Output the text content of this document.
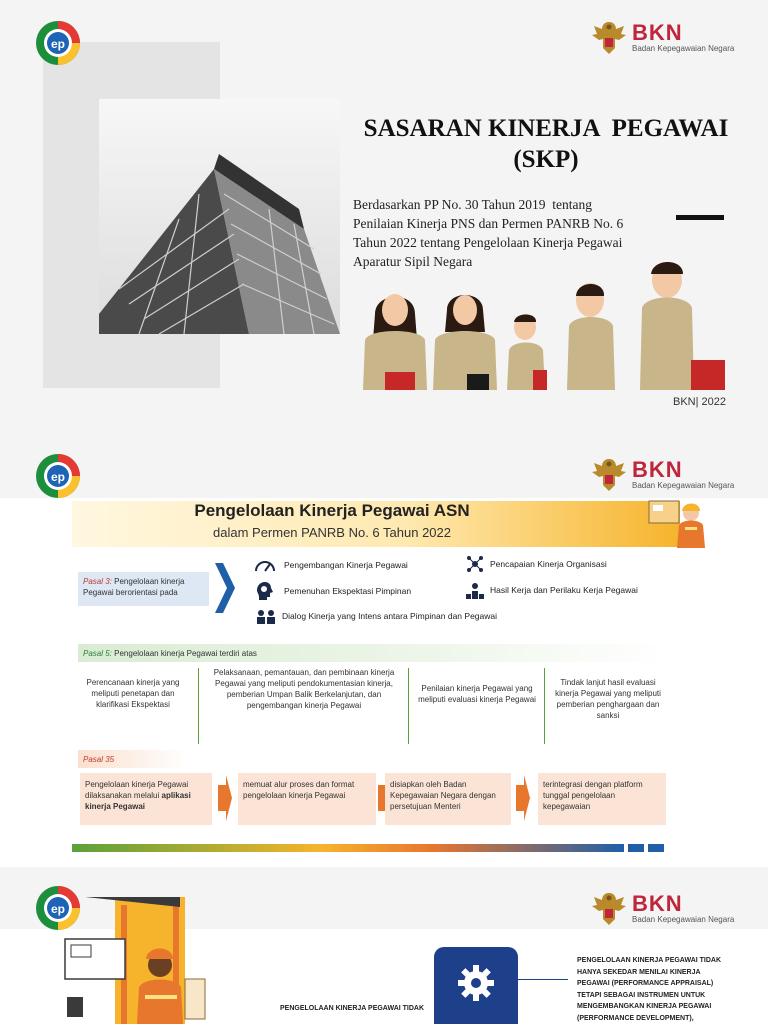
ep	BKN
Badan Kepegawaian Negara
SASARAN KINERJA  PEGAWAI
(SKP)
Berdasarkan PP No. 30 Tahun 2019  tentang
Penilaian Kinerja PNS dan Permen PANRB No. 6
Tahun 2022 tentang Pengelolaan Kinerja Pegawai
Aparatur Sipil Negara
BKN| 2022
ep	BKN
Badan Kepegawaian Negara
Pengelolaan Kinerja Pegawai ASN
dalam Permen PANRB No. 6 Tahun 2022
Pasal 3: Pengelolaan kinerja Pegawai berorientasi pada
Pengembangan Kinerja Pegawai	Pencapaian Kinerja Organisasi
Pemenuhan Ekspektasi Pimpinan	Hasil Kerja dan Perilaku Kerja Pegawai
Dialog Kinerja yang Intens antara Pimpinan dan Pegawai
Pasal 5: Pengelolaan kinerja Pegawai terdiri atas
Perencanaan kinerja yang meliputi penetapan dan klarifikasi Ekspektasi
Pelaksanaan, pemantauan, dan pembinaan kinerja Pegawai yang meliputi pendokumentasian kinerja, pemberian Umpan Balik Berkelanjutan, dan pengembangan kinerja Pegawai
Penilaian kinerja Pegawai yang meliputi evaluasi kinerja Pegawai
Tindak lanjut hasil evaluasi kinerja Pegawai yang meliputi pemberian penghargaan dan sanksi
Pasal 35
Pengelolaan kinerja Pegawai dilaksanakan melalui aplikasi kinerja Pegawai
memuat alur proses dan format pengelolaan kinerja Pegawai
disiapkan oleh Badan Kepegawaian Negara dengan persetujuan Menteri
terintegrasi dengan platform tunggal pengelolaan kepegawaian
ep	BKN
Badan Kepegawaian Negara
PENGELOLAAN KINERJA PEGAWAI TIDAK
PENGELOLAAN KINERJA PEGAWAI TIDAK
HANYA SEKEDAR MENILAI KINERJA
PEGAWAI (PERFORMANCE APPRAISAL)
TETAPI SEBAGAI INSTRUMEN UNTUK
MENGEMBANGKAN KINERJA PEGAWAI
(PERFORMANCE DEVELOPMENT),
